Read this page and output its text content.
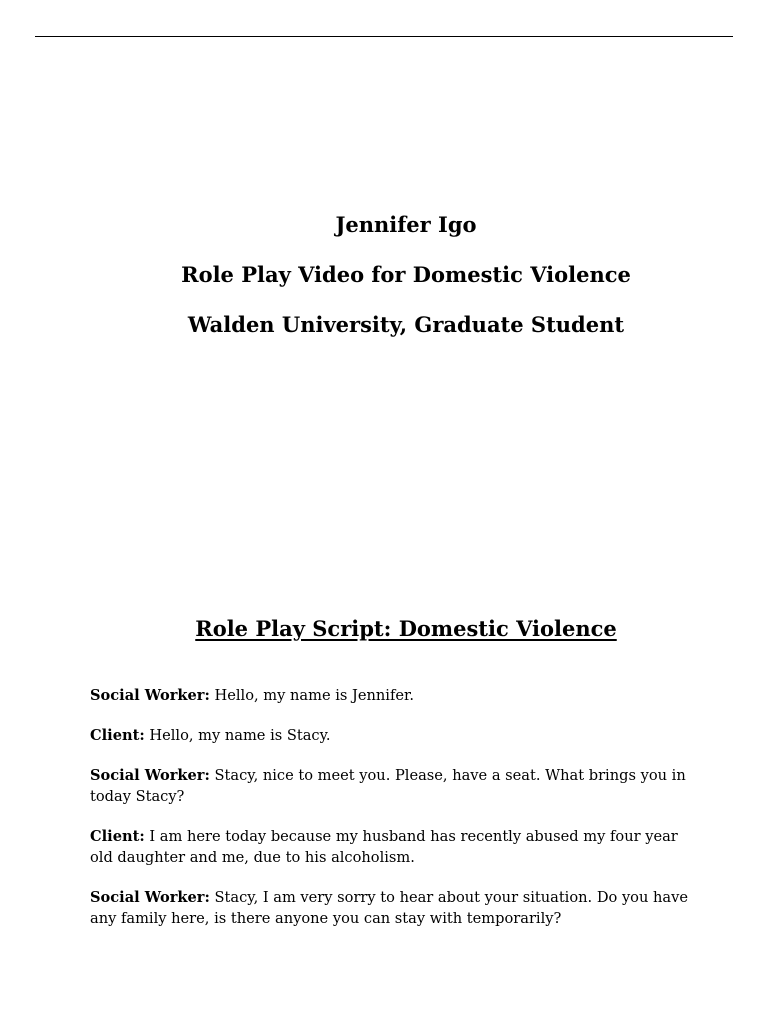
Jennifer Igo
Role Play Video for Domestic Violence
Walden University, Graduate Student
Role Play Script: Domestic Violence

Social Worker: Hello, my name is Jennifer.

Client: Hello, my name is Stacy.

Social Worker: Stacy, nice to meet you. Please, have a seat. What brings you in today Stacy?

Client: I am here today because my husband has recently abused my four year old daughter and me, due to his alcoholism.

Social Worker: Stacy, I am very sorry to hear about your situation. Do you have any family here, is there anyone you can stay with temporarily?
